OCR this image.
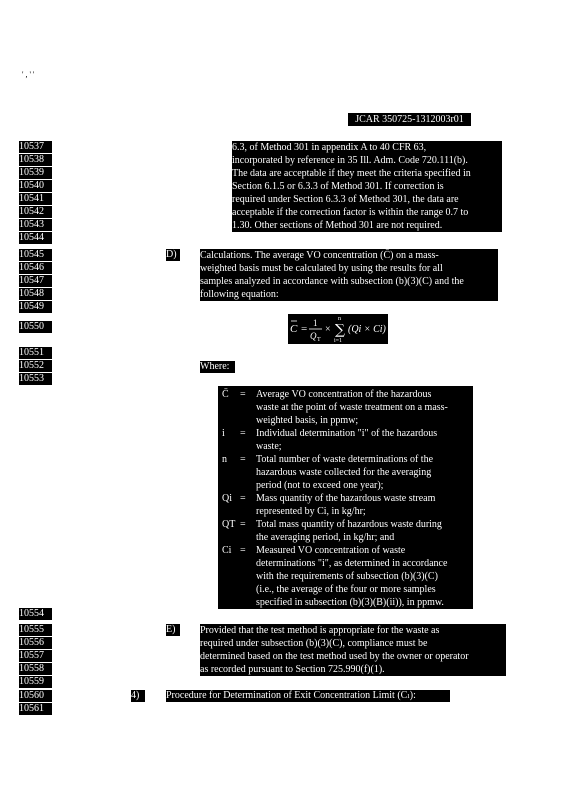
' , ' '
JCAR 350725-1312003r01
10537
10538
10539
10540
10541
10542
10543
10544
10545
10546
10547
10548
10549
10550
10551
10552
10553
10554
10555
10556
10557
10558
10559
10560
10561
6.3, of Method 301 in appendix A to 40 CFR 63,
incorporated by reference in 35 Ill. Adm. Code 720.111(b).
The data are acceptable if they meet the criteria specified in
Section 6.1.5 or 6.3.3 of Method 301. If correction is
required under Section 6.3.3 of Method 301, the data are
acceptable if the correction factor is within the range 0.7 to
1.30. Other sections of Method 301 are not required.
D)	Calculations. The average VO concentration (C̄) on a mass-
weighted basis must be calculated by using the results for all
samples analyzed in accordance with subsection (b)(3)(C) and the
following equation:
C = 1
Q T
× ∑
n
i=1
(Qi × Ci)
Where:
C̄	=	Average VO concentration of the hazardous
waste at the point of waste treatment on a mass-
weighted basis, in ppmw;
i	=	Individual determination "i" of the hazardous
waste;
n	=	Total number of waste determinations of the
hazardous waste collected for the averaging
period (not to exceed one year);
Qi =	Mass quantity of the hazardous waste stream
represented by Ci, in kg/hr;
QT =	Total mass quantity of hazardous waste during
the averaging period, in kg/hr; and
Ci =	Measured VO concentration of waste
determinations "i", as determined in accordance
with the requirements of subsection (b)(3)(C)
(i.e., the average of the four or more samples
specified in subsection (b)(3)(B)(ii)), in ppmw.
E)	Provided that the test method is appropriate for the waste as
required under subsection (b)(3)(C), compliance must be
determined based on the test method used by the owner or operator
as recorded pursuant to Section 725.990(f)(1).
4)	Procedure for Determination of Exit Concentration Limit (Cₗ):
